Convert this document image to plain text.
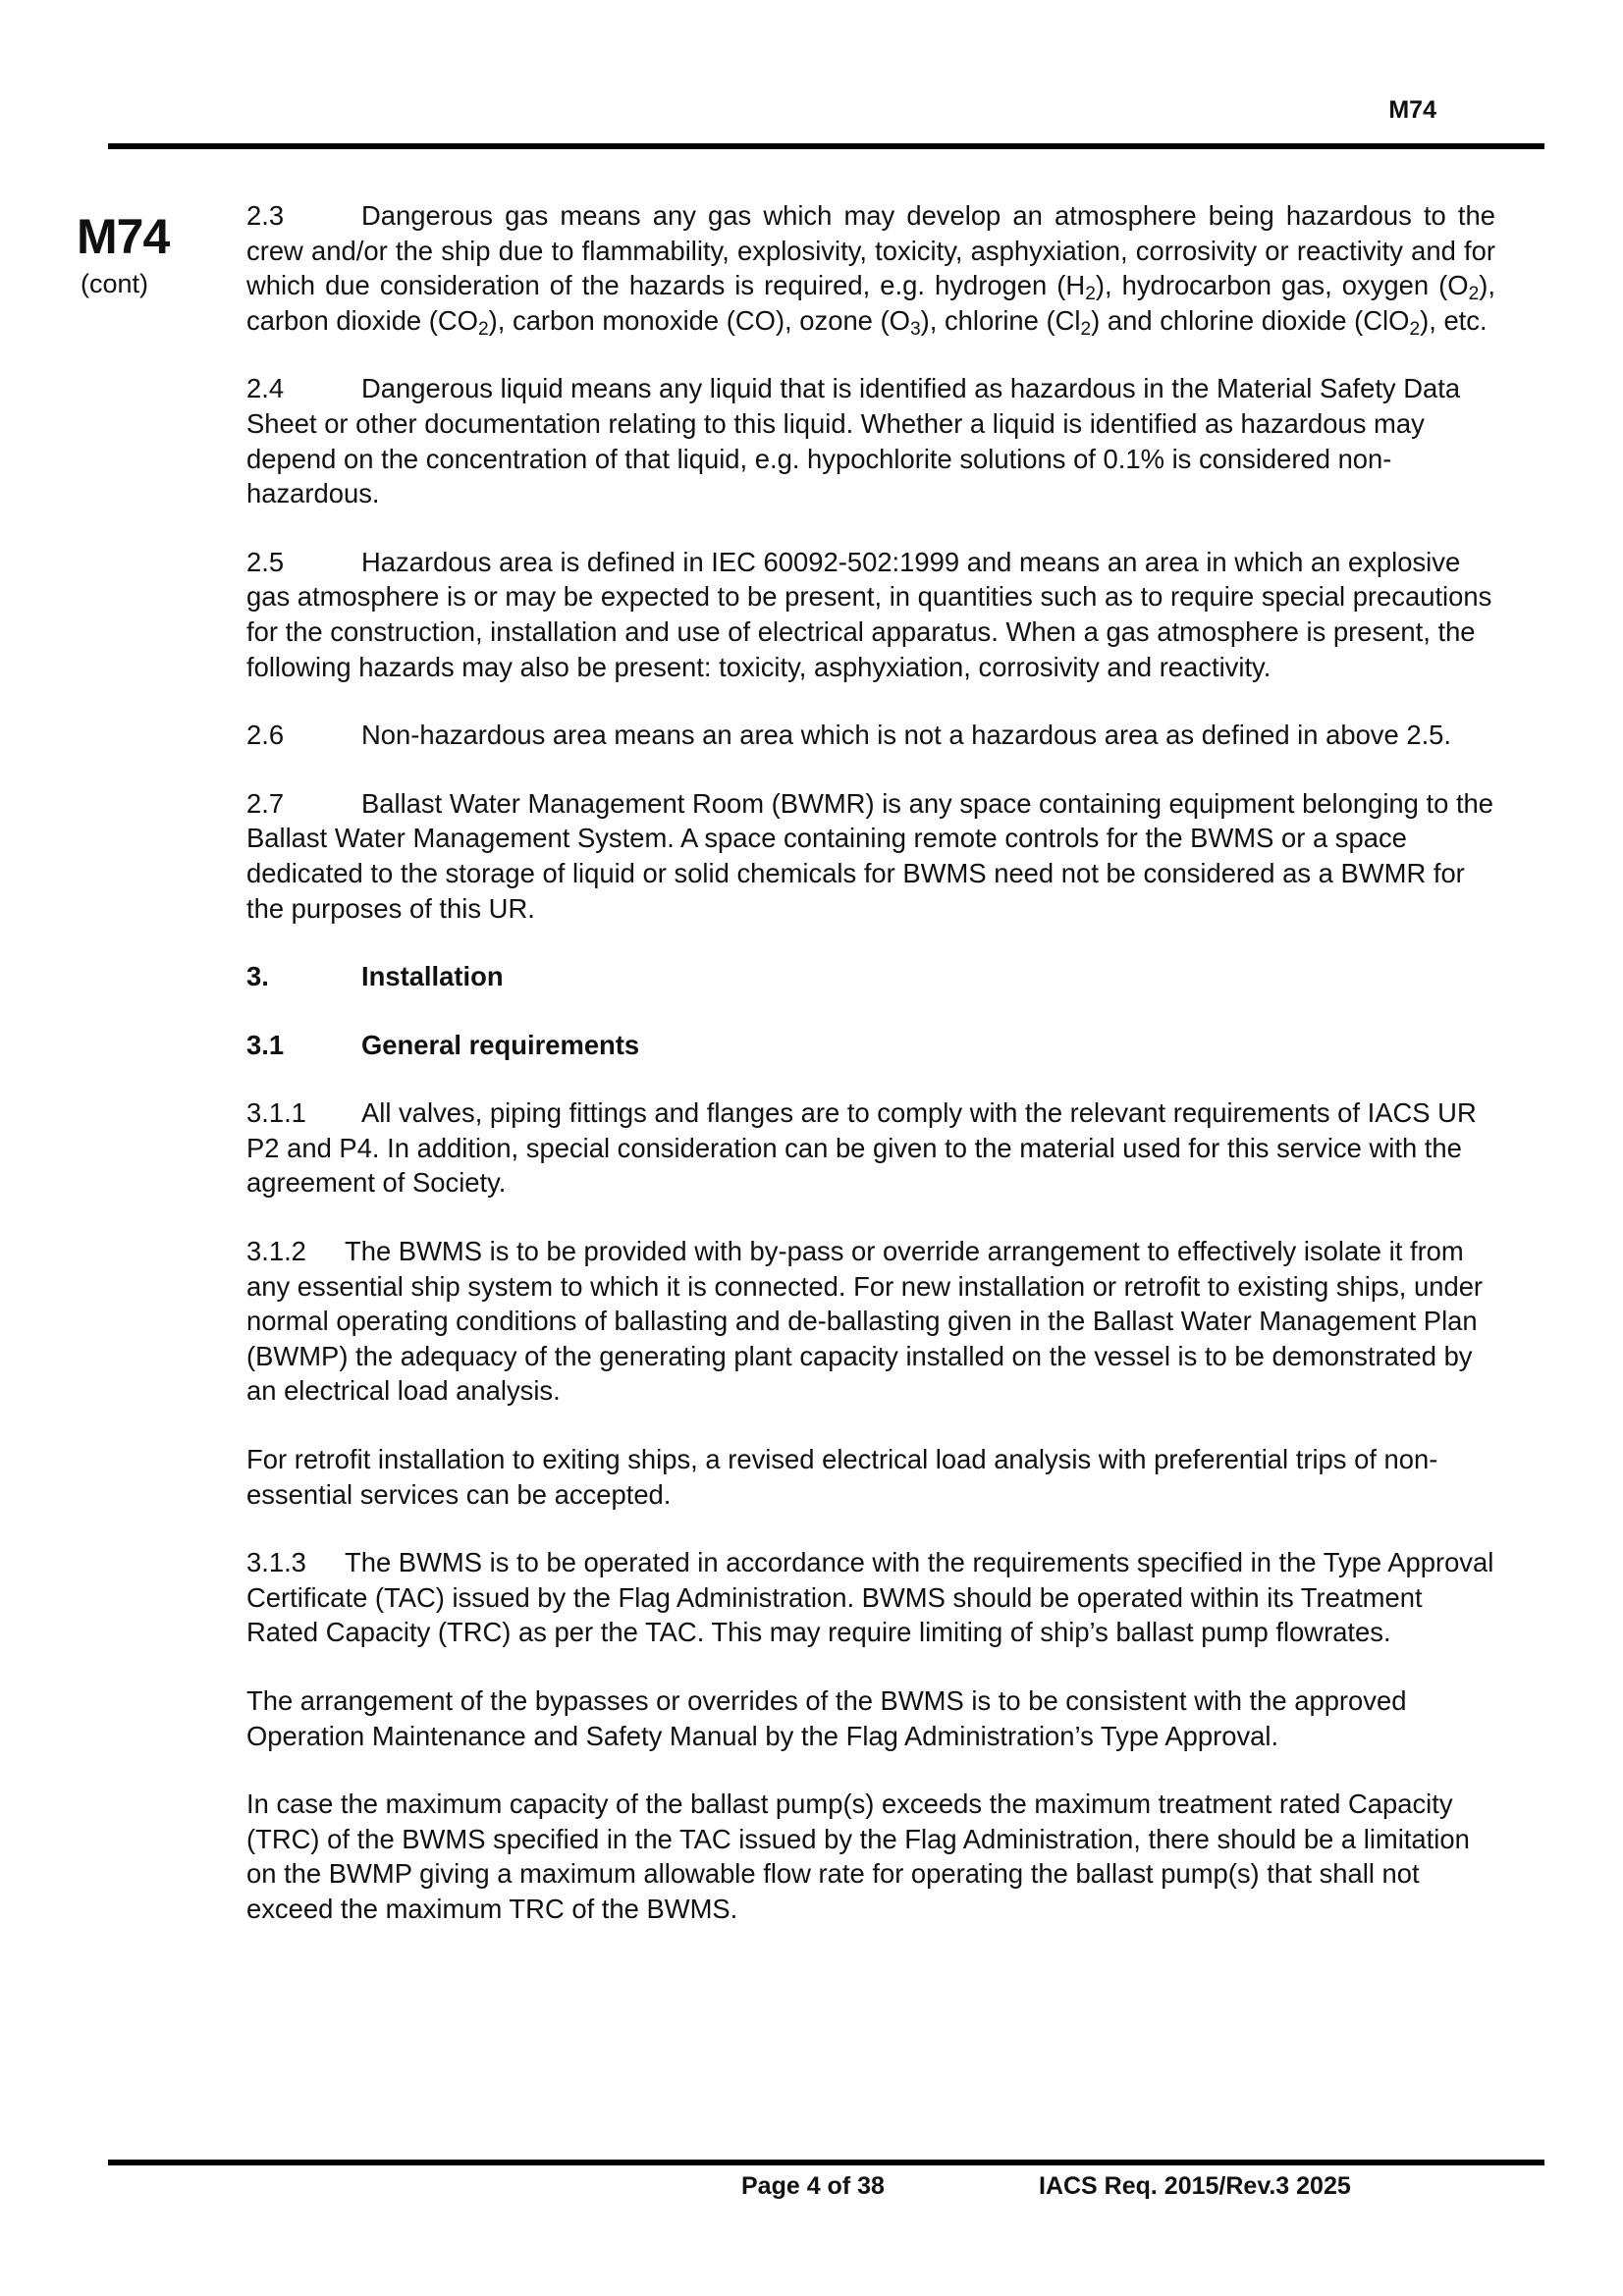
M74
M74
(cont)

2.3	Dangerous gas means any gas which may develop an atmosphere being hazardous to the crew and/or the ship due to flammability, explosivity, toxicity, asphyxiation, corrosivity or reactivity and for which due consideration of the hazards is required, e.g. hydrogen $(H_2)$, hydrocarbon gas, oxygen $(O_2)$, carbon dioxide $(CO_2)$, carbon monoxide (CO), ozone $(O_3)$, chlorine $(Cl_2)$ and chlorine dioxide (ClO$_2$), etc.

2.4	Dangerous liquid means any liquid that is identified as hazardous in the Material Safety Data Sheet or other documentation relating to this liquid. Whether a liquid is identified as hazardous may depend on the concentration of that liquid, e.g. hypochlorite solutions of 0.1% is considered non-hazardous.

2.5	Hazardous area is defined in IEC 60092-502:1999 and means an area in which an explosive gas atmosphere is or may be expected to be present, in quantities such as to require special precautions for the construction, installation and use of electrical apparatus. When a gas atmosphere is present, the following hazards may also be present: toxicity, asphyxiation, corrosivity and reactivity.

2.6	Non-hazardous area means an area which is not a hazardous area as defined in above 2.5.

2.7	Ballast Water Management Room (BWMR) is any space containing equipment belonging to the Ballast Water Management System. A space containing remote controls for the BWMS or a space dedicated to the storage of liquid or solid chemicals for BWMS need not be considered as a BWMR for the purposes of this UR.

3.	Installation
3.1	General requirements

3.1.1 All valves, piping fittings and flanges are to comply with the relevant requirements of IACS UR P2 and P4. In addition, special consideration can be given to the material used for this service with the agreement of Society.

3.1.2 The BWMS is to be provided with by-pass or override arrangement to effectively isolate it from any essential ship system to which it is connected. For new installation or retrofit to existing ships, under normal operating conditions of ballasting and de-ballasting given in the Ballast Water Management Plan (BWMP) the adequacy of the generating plant capacity installed on the vessel is to be demonstrated by an electrical load analysis.

For retrofit installation to exiting ships, a revised electrical load analysis with preferential trips of non-essential services can be accepted.

3.1.3 The BWMS is to be operated in accordance with the requirements specified in the Type Approval Certificate (TAC) issued by the Flag Administration. BWMS should be operated within its Treatment Rated Capacity (TRC) as per the TAC. This may require limiting of ship’s ballast pump flowrates.

The arrangement of the bypasses or overrides of the BWMS is to be consistent with the approved Operation Maintenance and Safety Manual by the Flag Administration’s Type Approval.

In case the maximum capacity of the ballast pump(s) exceeds the maximum treatment rated Capacity (TRC) of the BWMS specified in the TAC issued by the Flag Administration, there should be a limitation on the BWMP giving a maximum allowable flow rate for operating the ballast pump(s) that shall not exceed the maximum TRC of the BWMS.

Page 4 of 38	IACS Req. 2015/Rev.3 2025
